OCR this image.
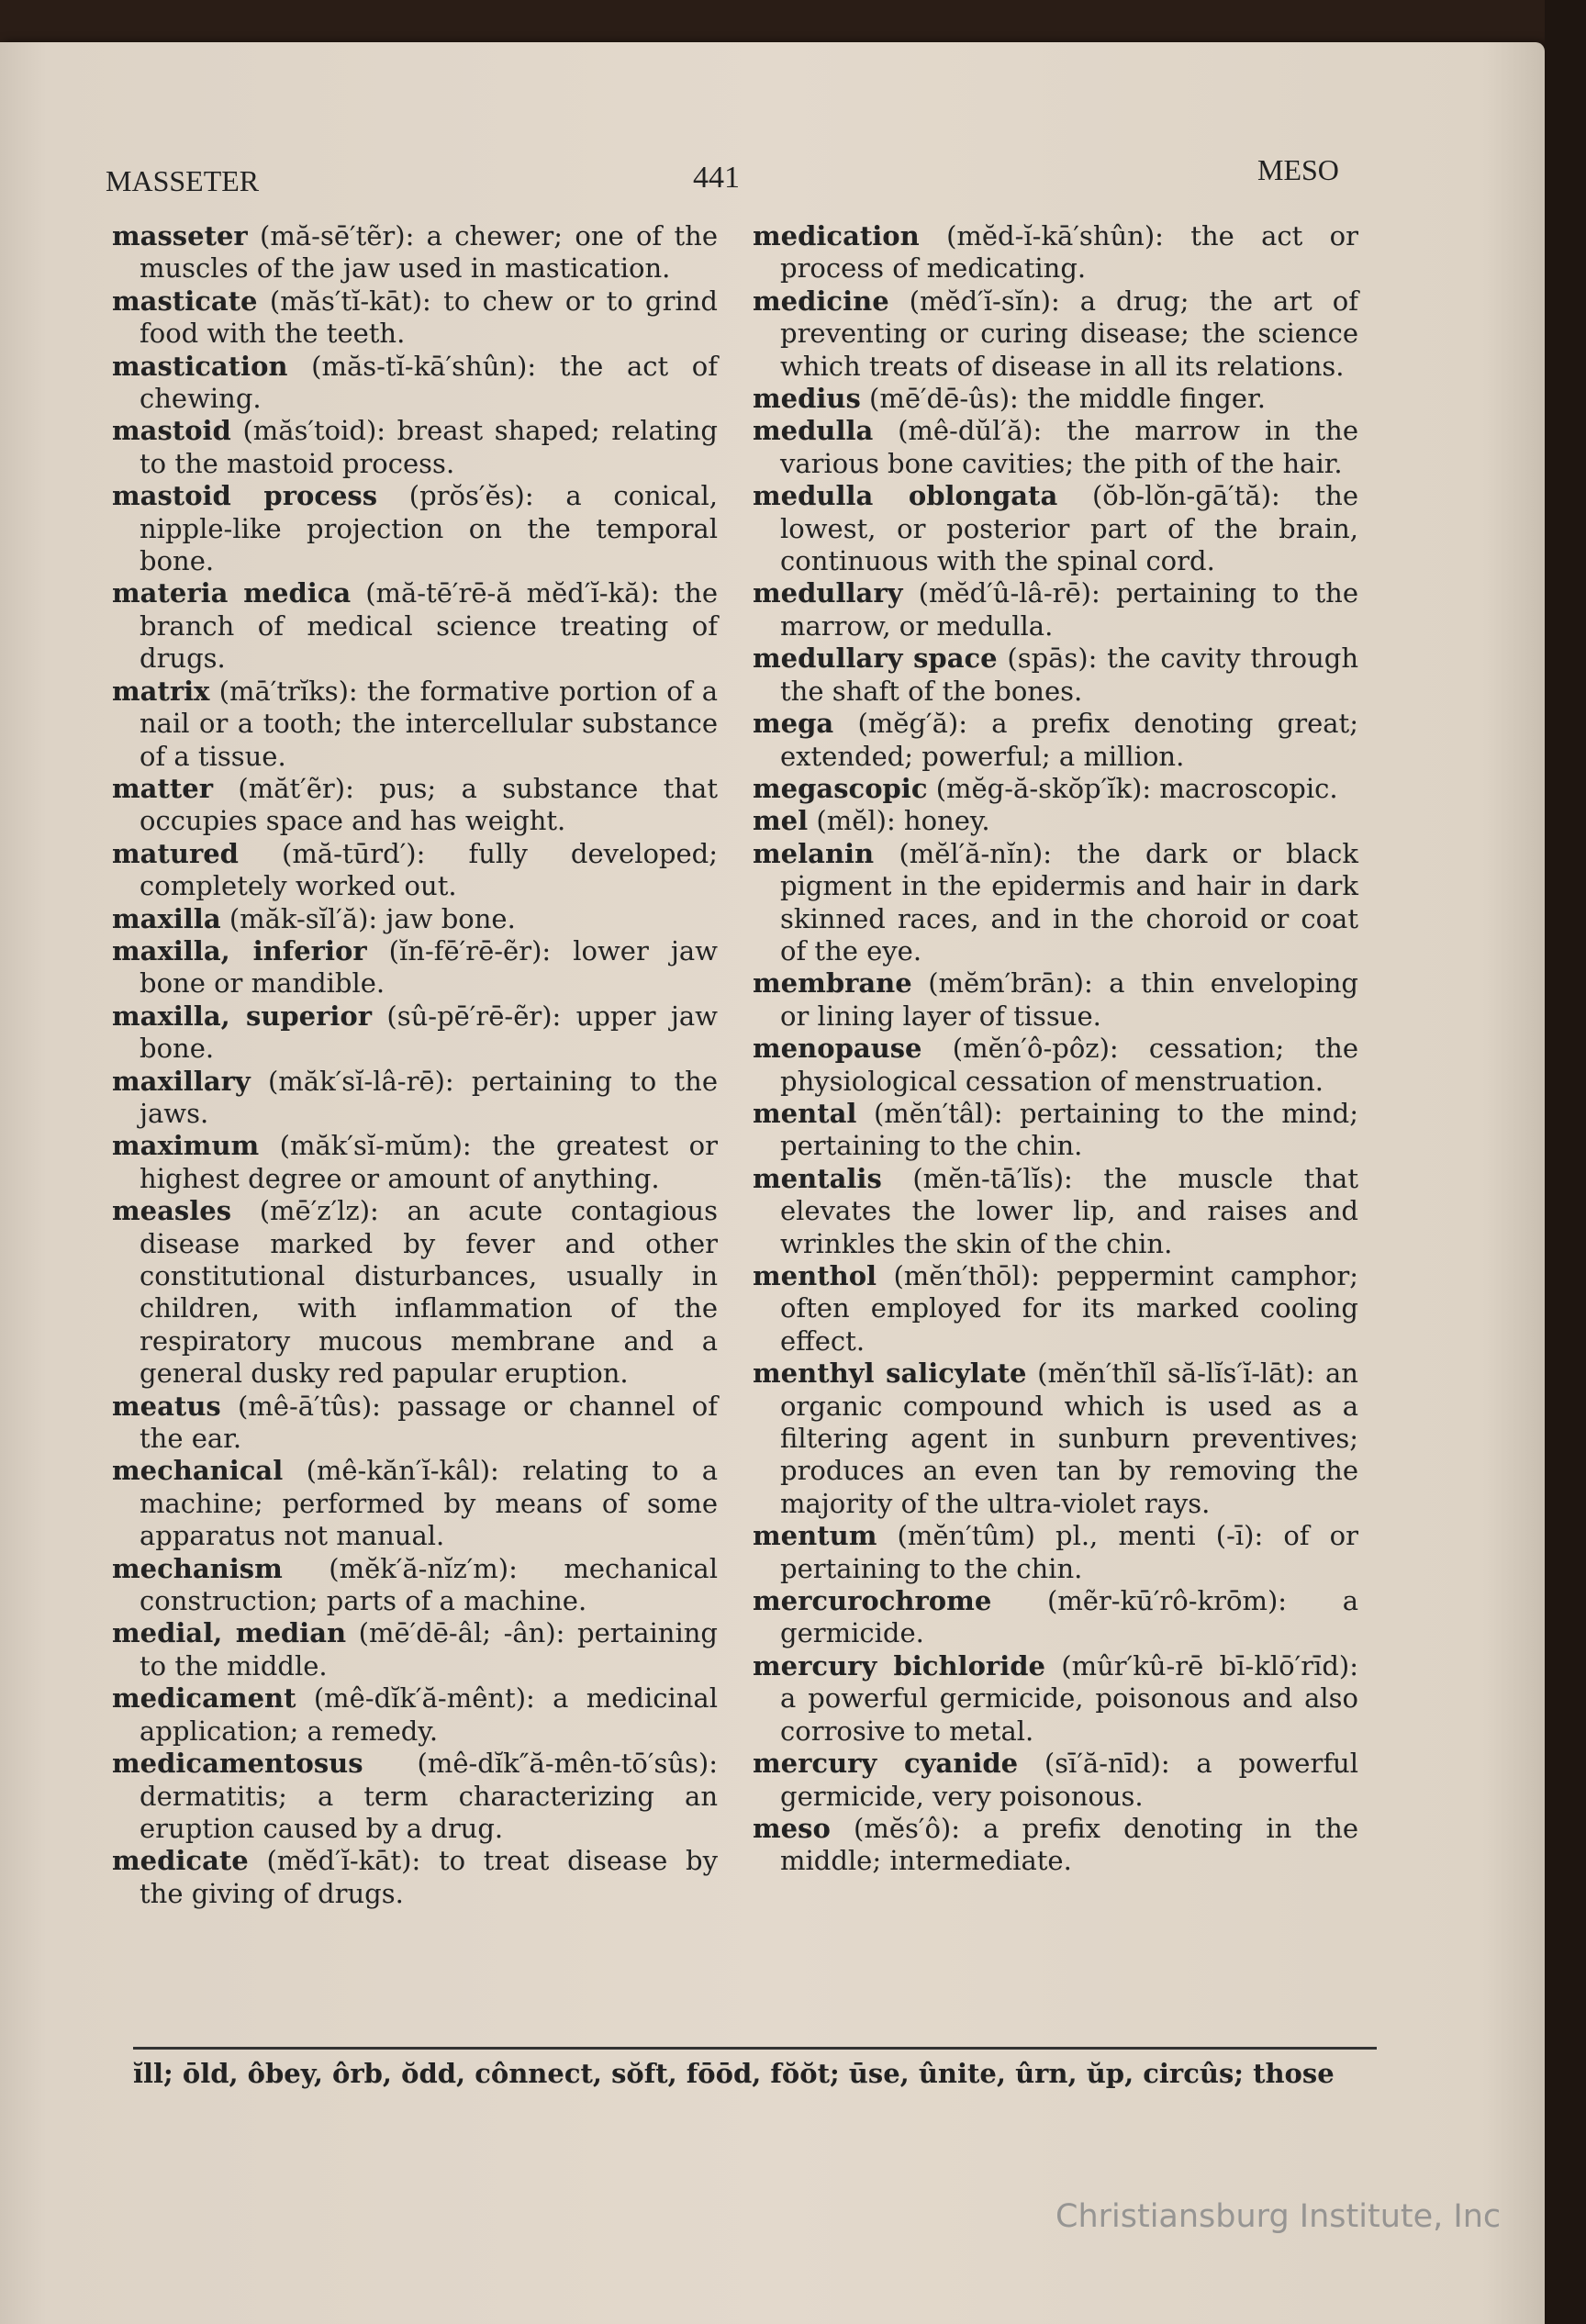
MASSETER	441	MESO

masseter (mă-sē′tẽr): a chewer; one of the muscles of the jaw used in mastication.

masticate (măs′tĭ-kāt): to chew or to grind food with the teeth.

mastication (măs-tĭ-kā′shûn): the act of chewing.

mastoid (măs′toid): breast shaped; relating to the mastoid process.

mastoid process (prŏs′ĕs): a conical, nipple-like projection on the temporal bone.

materia medica (mă-tē′rē-ă mĕd′ĭ-kă): the branch of medical science treating of drugs.

matrix (mā′trĭks): the formative portion of a nail or a tooth; the intercellular substance of a tissue.

matter (măt′ẽr): pus; a substance that occupies space and has weight.

matured (mă-tūrd′): fully developed; completely worked out.

maxilla (măk-sĭl′ă): jaw bone.

maxilla, inferior (ĭn-fē′rē-ẽr): lower jaw bone or mandible.

maxilla, superior (sû-pē′rē-ẽr): upper jaw bone.

maxillary (măk′sĭ-lâ-rē): pertaining to the jaws.

maximum (măk′sĭ-mŭm): the greatest or highest degree or amount of anything.

measles (mē′z′lz): an acute contagious disease marked by fever and other constitutional disturbances, usually in children, with inflammation of the respiratory mucous membrane and a general dusky red papular eruption.

meatus (mê-ā′tûs): passage or channel of the ear.

mechanical (mê-kăn′ĭ-kâl): relating to a machine; performed by means of some apparatus not manual.

mechanism (mĕk′ă-nĭz′m): mechanical construction; parts of a machine.

medial, median (mē′dē-âl; -ân): pertaining to the middle.

medicament (mê-dĭk′ă-mênt): a medicinal application; a remedy.

medicamentosus (mê-dĭk″ă-mên-tō′sûs): dermatitis; a term characterizing an eruption caused by a drug.

medicate (mĕd′ĭ-kāt): to treat disease by the giving of drugs.

medication (mĕd-ĭ-kā′shûn): the act or process of medicating.

medicine (mĕd′ĭ-sĭn): a drug; the art of preventing or curing disease; the science which treats of disease in all its relations.

medius (mē′dē-ûs): the middle finger.

medulla (mê-dŭl′ă): the marrow in the various bone cavities; the pith of the hair.

medulla oblongata (ŏb-lŏn-gā′tă): the lowest, or posterior part of the brain, continuous with the spinal cord.

medullary (mĕd′û-lâ-rē): pertaining to the marrow, or medulla.

medullary space (spās): the cavity through the shaft of the bones.

mega (mĕg′ă): a prefix denoting great; extended; powerful; a million.

megascopic (mĕg-ă-skŏp′ĭk): macroscopic.

mel (mĕl): honey.

melanin (mĕl′ă-nĭn): the dark or black pigment in the epidermis and hair in dark skinned races, and in the choroid or coat of the eye.

membrane (mĕm′brān): a thin enveloping or lining layer of tissue.

menopause (mĕn′ô-pôz): cessation; the physiological cessation of menstruation.

mental (mĕn′tâl): pertaining to the mind; pertaining to the chin.

mentalis (mĕn-tā′lĭs): the muscle that elevates the lower lip, and raises and wrinkles the skin of the chin.

menthol (mĕn′thōl): peppermint camphor; often employed for its marked cooling effect.

menthyl salicylate (mĕn′thĭl să-lĭs′ĭ-lāt): an organic compound which is used as a filtering agent in sunburn preventives; produces an even tan by removing the majority of the ultra-violet rays.

mentum (mĕn′tûm) pl., menti (-ī): of or pertaining to the chin.

mercurochrome (mẽr-kū′rô-krōm): a germicide.

mercury bichloride (mûr′kû-rē bī-klō′rīd): a powerful germicide, poisonous and also corrosive to metal.

mercury cyanide (sī′ă-nīd): a powerful germicide, very poisonous.

meso (mĕs′ô): a prefix denoting in the middle; intermediate.

ĭll; ōld, ôbey, ôrb, ŏdd, cônnect, sŏft, fōōd, fŏŏt; ūse, ûnite, ûrn, ŭp, circûs; those
Christiansburg Institute, Inc
